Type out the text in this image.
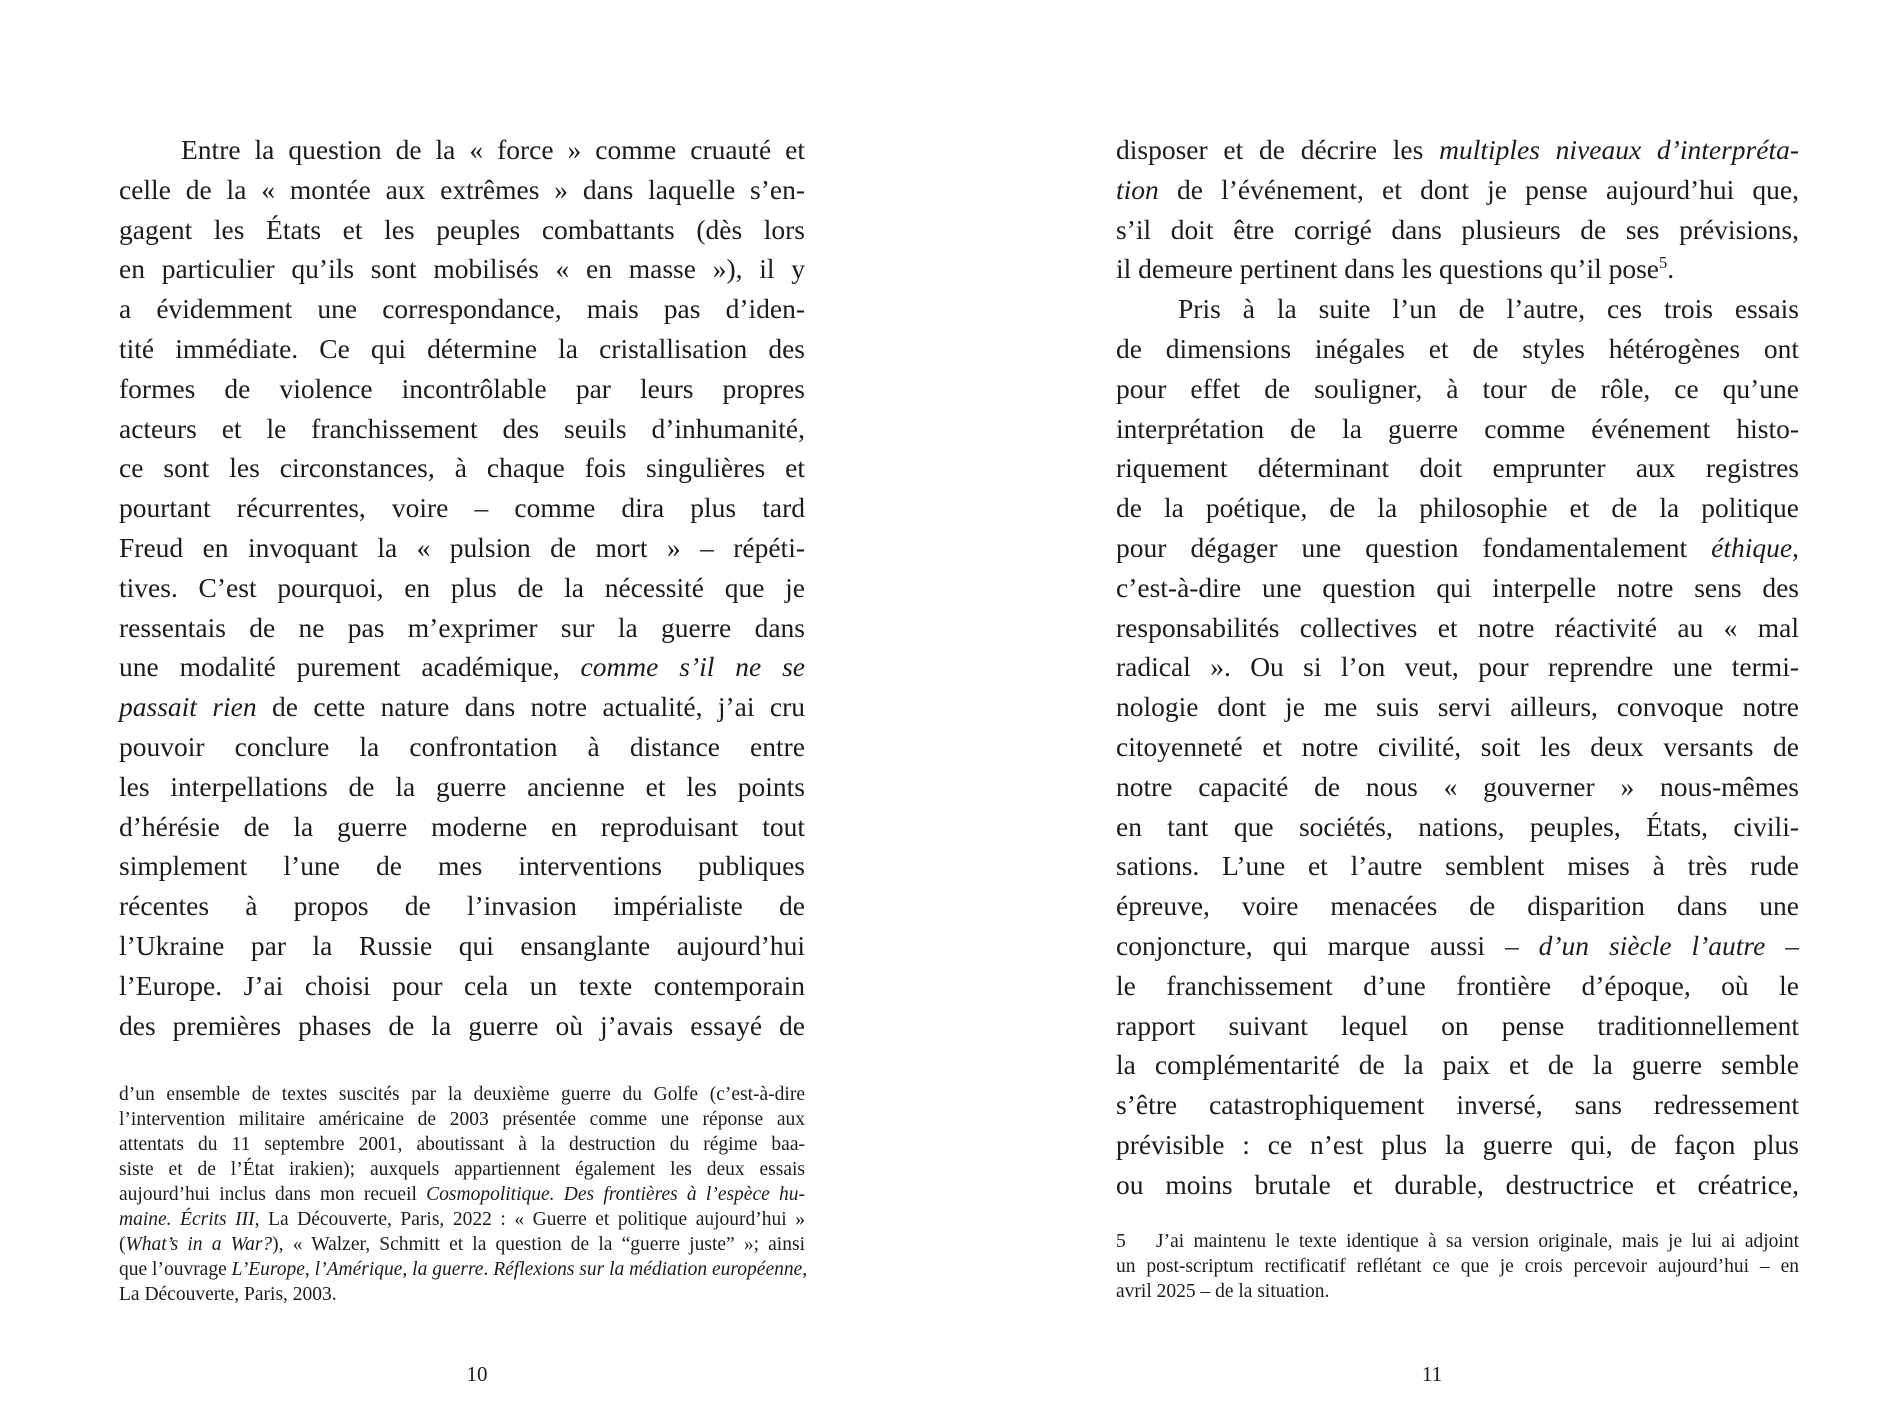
Entre la question de la « force » comme cruauté et
celle de la « montée aux extrêmes » dans laquelle s’en-
gagent les États et les peuples combattants (dès lors
en particulier qu’ils sont mobilisés « en masse »), il y
a évidemment une correspondance, mais pas d’iden-
tité immédiate. Ce qui détermine la cristallisation des
formes de violence incontrôlable par leurs propres
acteurs et le franchissement des seuils d’inhumanité,
ce sont les circonstances, à chaque fois singulières et
pourtant récurrentes, voire – comme dira plus tard
Freud en invoquant la « pulsion de mort » – répéti-
tives. C’est pourquoi, en plus de la nécessité que je
ressentais de ne pas m’exprimer sur la guerre dans
une modalité purement académique, comme s’il ne se
passait rien de cette nature dans notre actualité, j’ai cru
pouvoir conclure la confrontation à distance entre
les interpellations de la guerre ancienne et les points
d’hérésie de la guerre moderne en reproduisant tout
simplement l’une de mes interventions publiques
récentes à propos de l’invasion impérialiste de
l’Ukraine par la Russie qui ensanglante aujourd’hui
l’Europe. J’ai choisi pour cela un texte contemporain
des premières phases de la guerre où j’avais essayé de
d’un ensemble de textes suscités par la deuxième guerre du Golfe (c’est-à-dire
l’intervention militaire américaine de 2003 présentée comme une réponse aux
attentats du 11 septembre 2001, aboutissant à la destruction du régime baa-
siste et de l’État irakien); auxquels appartiennent également les deux essais
aujourd’hui inclus dans mon recueil Cosmopolitique. Des frontières à l’espèce hu-
maine. Écrits III, La Découverte, Paris, 2022 : « Guerre et politique aujourd’hui »
(What’s in a War?), « Walzer, Schmitt et la question de la “guerre juste” »; ainsi
que l’ouvrage L’Europe, l’Amérique, la guerre. Réflexions sur la médiation européenne,
La Découverte, Paris, 2003.
10
disposer et de décrire les multiples niveaux d’interpréta-
tion de l’événement, et dont je pense aujourd’hui que,
s’il doit être corrigé dans plusieurs de ses prévisions,
il demeure pertinent dans les questions qu’il pose$^5$.
Pris à la suite l’un de l’autre, ces trois essais
de dimensions inégales et de styles hétérogènes ont
pour effet de souligner, à tour de rôle, ce qu’une
interprétation de la guerre comme événement histo-
riquement déterminant doit emprunter aux registres
de la poétique, de la philosophie et de la politique
pour dégager une question fondamentalement éthique,
c’est-à-dire une question qui interpelle notre sens des
responsabilités collectives et notre réactivité au « mal
radical ». Ou si l’on veut, pour reprendre une termi-
nologie dont je me suis servi ailleurs, convoque notre
citoyenneté et notre civilité, soit les deux versants de
notre capacité de nous « gouverner » nous-mêmes
en tant que sociétés, nations, peuples, États, civili-
sations. L’une et l’autre semblent mises à très rude
épreuve, voire menacées de disparition dans une
conjoncture, qui marque aussi – d’un siècle l’autre –
le franchissement d’une frontière d’époque, où le
rapport suivant lequel on pense traditionnellement
la complémentarité de la paix et de la guerre semble
s’être catastrophiquement inversé, sans redressement
prévisible : ce n’est plus la guerre qui, de façon plus
ou moins brutale et durable, destructrice et créatrice,
5 J’ai maintenu le texte identique à sa version originale, mais je lui ai adjoint
un post-scriptum rectificatif reflétant ce que je crois percevoir aujourd’hui – en
avril 2025 – de la situation.
11
